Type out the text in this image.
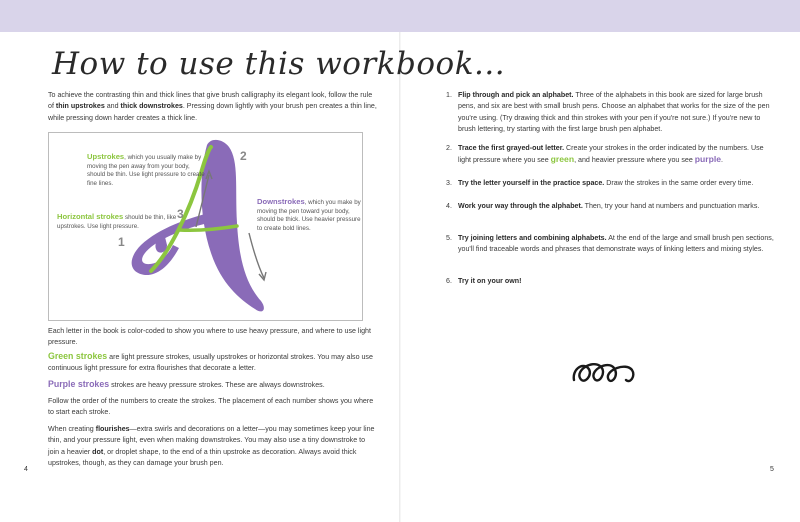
How to use this workbook...
To achieve the contrasting thin and thick lines that give brush calligraphy its elegant look, follow the rule of thin upstrokes and thick downstrokes. Pressing down lightly with your brush pen creates a thin line, while pressing down harder creates a thick line.
Upstrokes, which you usually make by moving the pen away from your body, should be thin. Use light pressure to create fine lines.
Horizontal strokes should be thin, like upstrokes. Use light pressure.
Downstrokes, which you make by moving the pen toward your body, should be thick. Use heavier pressure to create bold lines.
1
2
3
Each letter in the book is color-coded to show you where to use heavy pressure, and where to use light pressure.
Green strokes are light pressure strokes, usually upstrokes or horizontal strokes. You may also use continuous light pressure for extra flourishes that decorate a letter.
Purple strokes strokes are heavy pressure strokes. These are always downstrokes.
Follow the order of the numbers to create the strokes. The placement of each number shows you where to start each stroke.
When creating flourishes—extra swirls and decorations on a letter—you may sometimes keep your line thin, and your pressure light, even when making downstrokes. You may also use a tiny downstroke to join a heavier dot, or droplet shape, to the end of a thin upstroke as decoration. Always avoid thick upstrokes, though, as they can damage your brush pen.
4
1. Flip through and pick an alphabet. Three of the alphabets in this book are sized for large brush pens, and six are best with small brush pens. Choose an alphabet that works for the size of the pen you're using. (Try drawing thick and thin strokes with your pen if you're not sure.) If you're new to brush lettering, try starting with the first large brush pen alphabet.
2. Trace the first grayed-out letter. Create your strokes in the order indicated by the numbers. Use light pressure where you see green, and heavier pressure where you see purple.
3. Try the letter yourself in the practice space. Draw the strokes in the same order every time.
4. Work your way through the alphabet. Then, try your hand at numbers and punctuation marks.
5. Try joining letters and combining alphabets. At the end of the large and small brush pen sections, you'll find traceable words and phrases that demonstrate ways of linking letters and mixing styles.
6. Try it on your own!
5
